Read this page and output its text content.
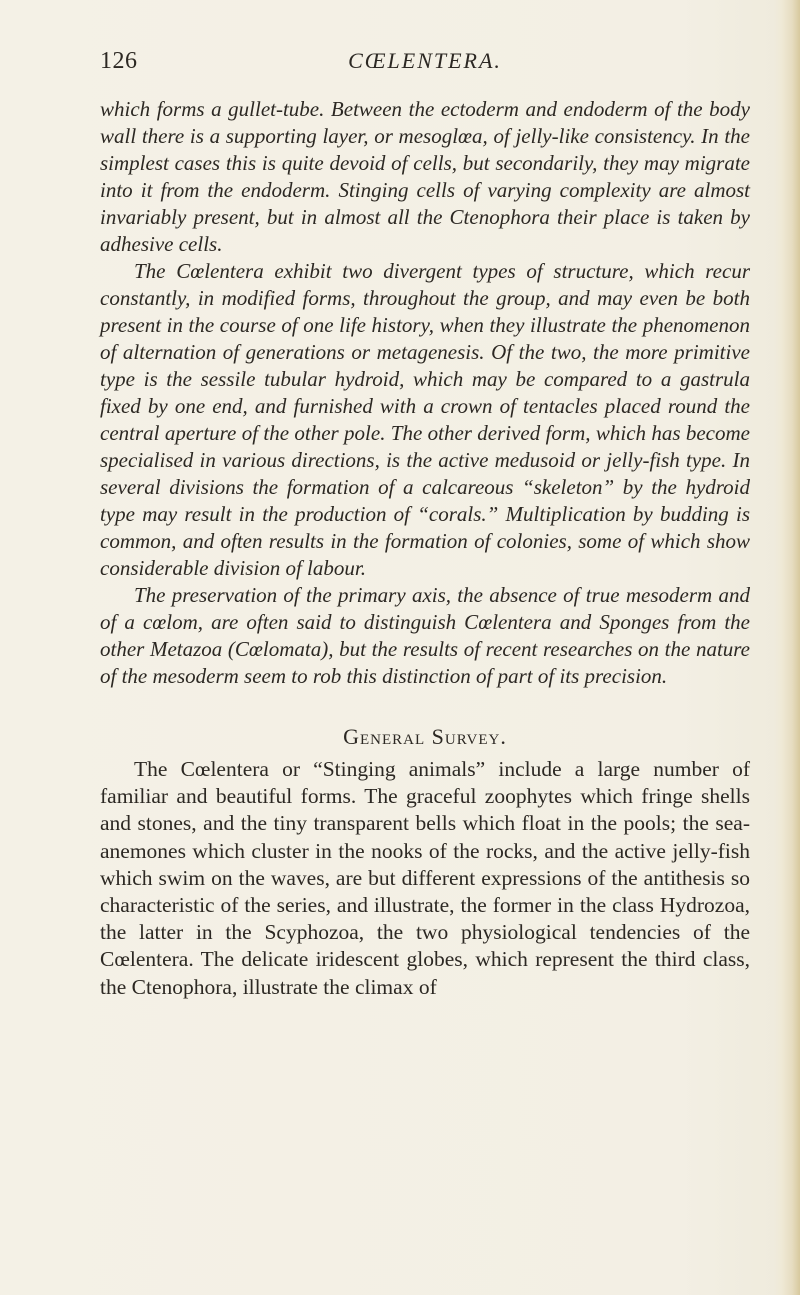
126	CŒLENTERA.

which forms a gullet-tube. Between the ectoderm and endoderm of the body wall there is a supporting layer, or mesoglœa, of jelly-like consistency. In the simplest cases this is quite devoid of cells, but secondarily, they may migrate into it from the endoderm. Stinging cells of varying complexity are almost invariably present, but in almost all the Ctenophora their place is taken by adhesive cells.

The Cœlentera exhibit two divergent types of structure, which recur constantly, in modified forms, throughout the group, and may even be both present in the course of one life history, when they illustrate the phenomenon of alternation of generations or metagenesis. Of the two, the more primitive type is the sessile tubular hydroid, which may be compared to a gastrula fixed by one end, and furnished with a crown of tentacles placed round the central aperture of the other pole. The other derived form, which has become specialised in various directions, is the active medusoid or jelly-fish type. In several divisions the formation of a calcareous “skeleton” by the hydroid type may result in the production of “corals.” Multiplication by budding is common, and often results in the formation of colonies, some of which show considerable division of labour.

The preservation of the primary axis, the absence of true mesoderm and of a cœlom, are often said to distinguish Cœlentera and Sponges from the other Metazoa (Cœlomata), but the results of recent researches on the nature of the mesoderm seem to rob this distinction of part of its precision.

General Survey.

The Cœlentera or “Stinging animals” include a large number of familiar and beautiful forms. The graceful zoophytes which fringe shells and stones, and the tiny transparent bells which float in the pools; the sea-anemones which cluster in the nooks of the rocks, and the active jelly-fish which swim on the waves, are but different expressions of the antithesis so characteristic of the series, and illustrate, the former in the class Hydrozoa, the latter in the Scyphozoa, the two physiological tendencies of the Cœlentera. The delicate iridescent globes, which represent the third class, the Ctenophora, illustrate the climax of
